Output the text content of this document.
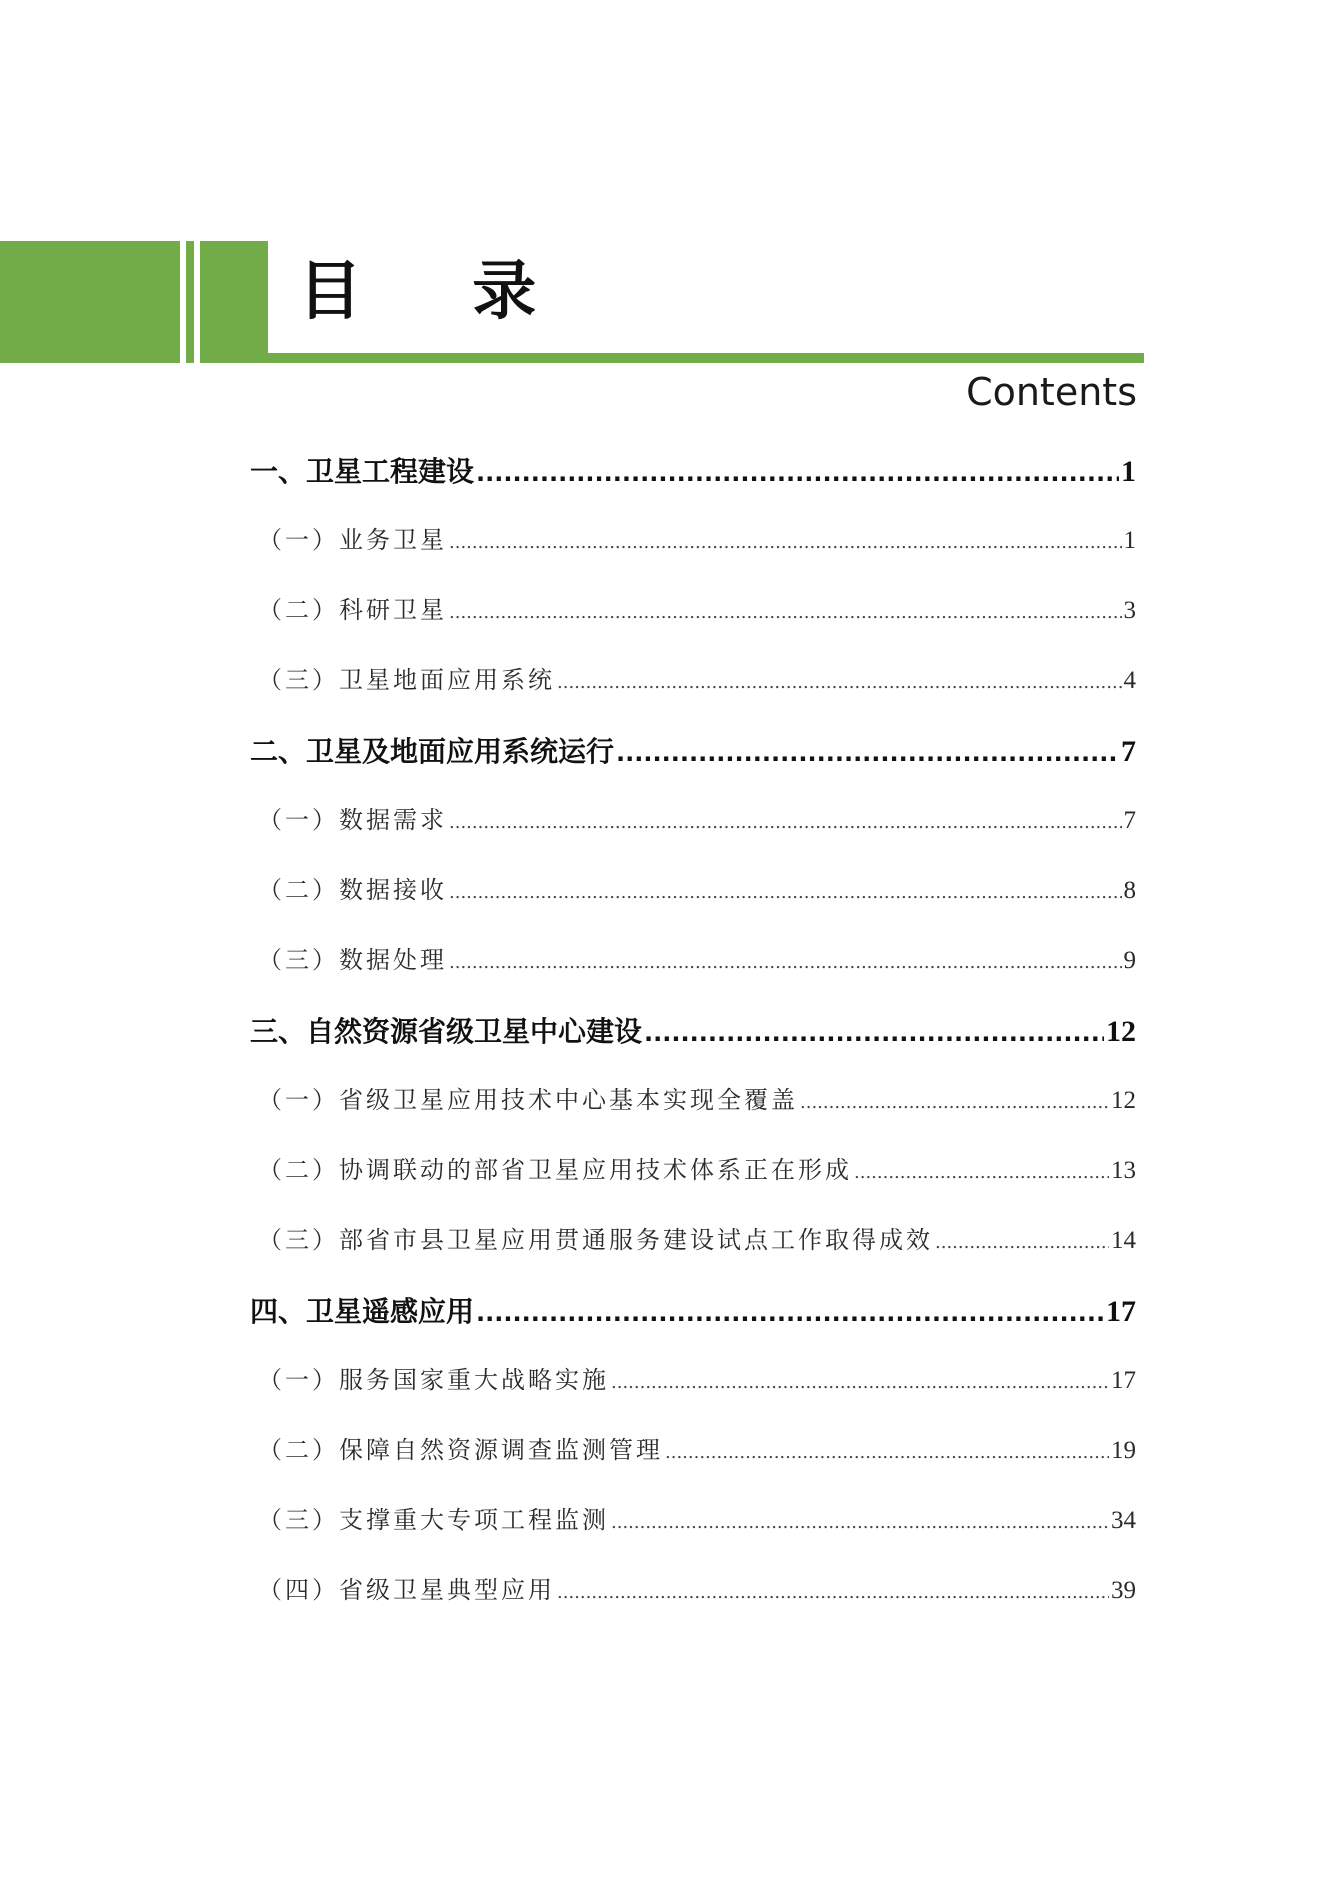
目 录
Contents
一、卫星工程建设 .....	1
（一）业务卫星 .....	1
（二）科研卫星 .....	3
（三）卫星地面应用系统 .....	4
二、卫星及地面应用系统运行 .....	7
（一）数据需求 .....	7
（二）数据接收 .....	8
（三）数据处理 .....	9
三、自然资源省级卫星中心建设 .....	12
（一）省级卫星应用技术中心基本实现全覆盖 .....	12
（二）协调联动的部省卫星应用技术体系正在形成 .....	13
（三）部省市县卫星应用贯通服务建设试点工作取得成效 .....	14
四、卫星遥感应用 .....	17
（一）服务国家重大战略实施 .....	17
（二）保障自然资源调查监测管理 .....	19
（三）支撑重大专项工程监测 .....	34
（四）省级卫星典型应用 .....	39
